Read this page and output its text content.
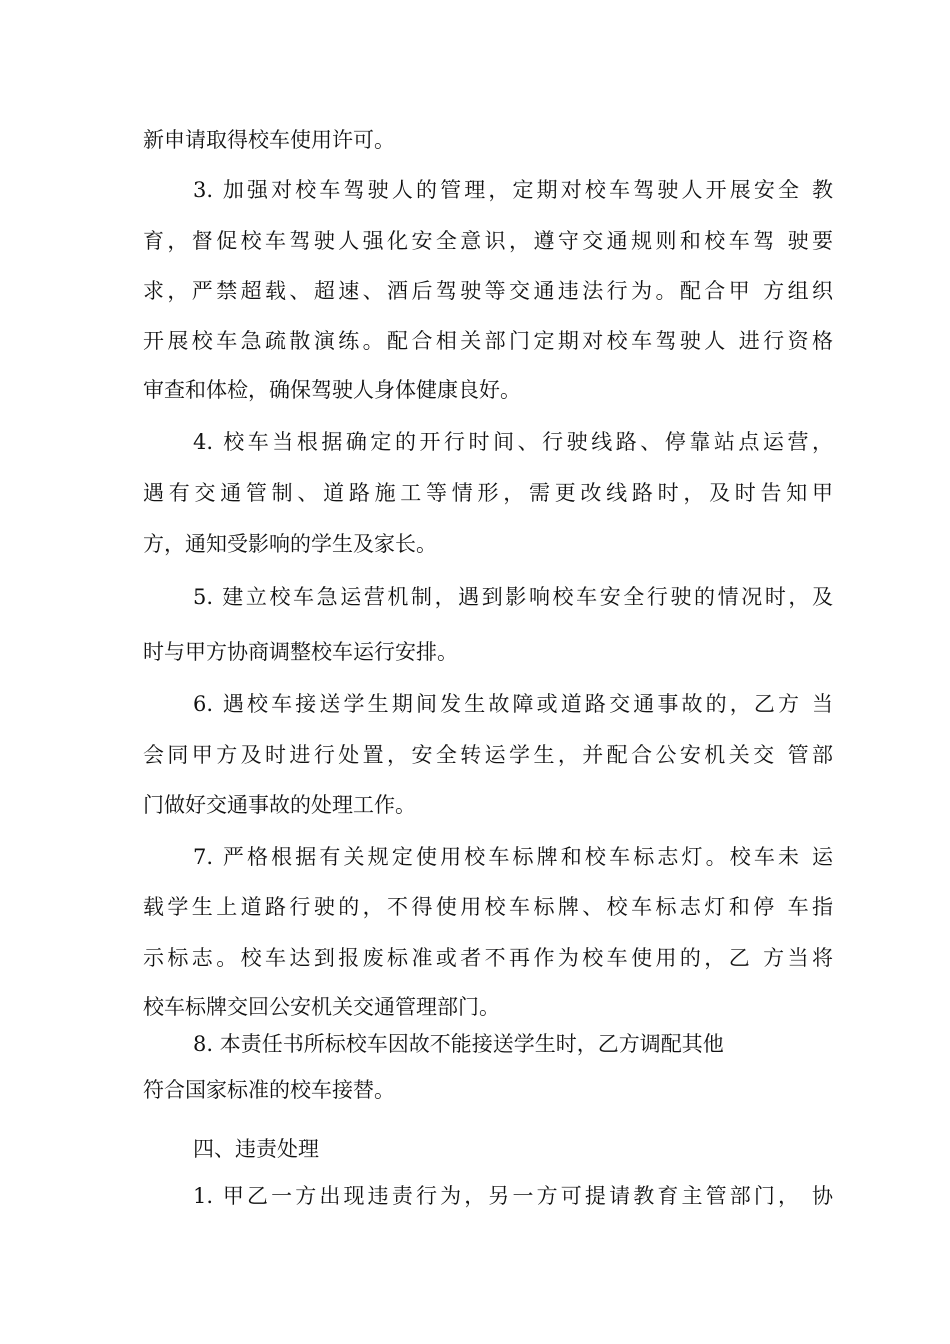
新申请取得校车使用许可。
3. 加强对校车驾驶人的管理，定期对校车驾驶人开展安全 教
育，督促校车驾驶人强化安全意识，遵守交通规则和校车驾 驶要
求，严禁超载、超速、酒后驾驶等交通违法行为。配合甲 方组织
开展校车急疏散演练。配合相关部门定期对校车驾驶人 进行资格
审查和体检，确保驾驶人身体健康良好。
4. 校车当根据确定的开行时间、行驶线路、停靠站点运营，
遇有交通管制、道路施工等情形，需更改线路时，及时告知甲
方，通知受影响的学生及家长。
5. 建立校车急运营机制，遇到影响校车安全行驶的情况时，及
时与甲方协商调整校车运行安排。
6. 遇校车接送学生期间发生故障或道路交通事故的，乙方 当
会同甲方及时进行处置，安全转运学生，并配合公安机关交 管部
门做好交通事故的处理工作。
7. 严格根据有关规定使用校车标牌和校车标志灯。校车未 运
载学生上道路行驶的，不得使用校车标牌、校车标志灯和停 车指
示标志。校车达到报废标准或者不再作为校车使用的，乙 方当将
校车标牌交回公安机关交通管理部门。
8. 本责任书所标校车因故不能接送学生时，乙方调配其他
符合国家标准的校车接替。
四、违责处理
1. 甲乙一方出现违责行为，另一方可提请教育主管部门， 协
